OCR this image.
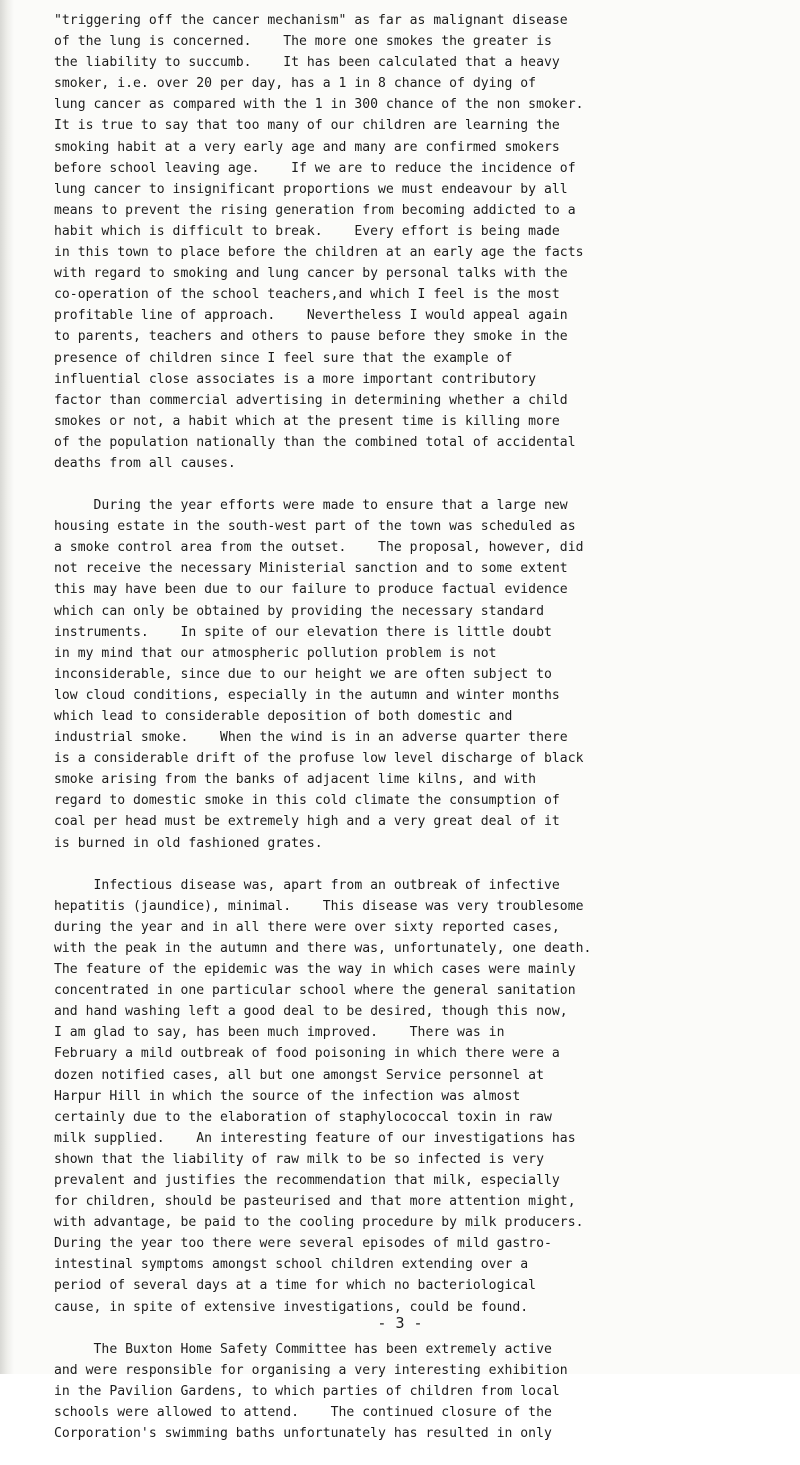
"triggering off the cancer mechanism" as far as malignant disease
of the lung is concerned.    The more one smokes the greater is
the liability to succumb.    It has been calculated that a heavy
smoker, i.e. over 20 per day, has a 1 in 8 chance of dying of
lung cancer as compared with the 1 in 300 chance of the non smoker.
It is true to say that too many of our children are learning the
smoking habit at a very early age and many are confirmed smokers
before school leaving age.    If we are to reduce the incidence of
lung cancer to insignificant proportions we must endeavour by all
means to prevent the rising generation from becoming addicted to a
habit which is difficult to break.    Every effort is being made
in this town to place before the children at an early age the facts
with regard to smoking and lung cancer by personal talks with the
co-operation of the school teachers,and which I feel is the most
profitable line of approach.    Nevertheless I would appeal again
to parents, teachers and others to pause before they smoke in the
presence of children since I feel sure that the example of
influential close associates is a more important contributory
factor than commercial advertising in determining whether a child
smokes or not, a habit which at the present time is killing more
of the population nationally than the combined total of accidental
deaths from all causes.
During the year efforts were made to ensure that a large new
housing estate in the south-west part of the town was scheduled as
a smoke control area from the outset.    The proposal, however, did
not receive the necessary Ministerial sanction and to some extent
this may have been due to our failure to produce factual evidence
which can only be obtained by providing the necessary standard
instruments.    In spite of our elevation there is little doubt
in my mind that our atmospheric pollution problem is not
inconsiderable, since due to our height we are often subject to
low cloud conditions, especially in the autumn and winter months
which lead to considerable deposition of both domestic and
industrial smoke.    When the wind is in an adverse quarter there
is a considerable drift of the profuse low level discharge of black
smoke arising from the banks of adjacent lime kilns, and with
regard to domestic smoke in this cold climate the consumption of
coal per head must be extremely high and a very great deal of it
is burned in old fashioned grates.
Infectious disease was, apart from an outbreak of infective
hepatitis (jaundice), minimal.    This disease was very troublesome
during the year and in all there were over sixty reported cases,
with the peak in the autumn and there was, unfortunately, one death.
The feature of the epidemic was the way in which cases were mainly
concentrated in one particular school where the general sanitation
and hand washing left a good deal to be desired, though this now,
I am glad to say, has been much improved.    There was in
February a mild outbreak of food poisoning in which there were a
dozen notified cases, all but one amongst Service personnel at
Harpur Hill in which the source of the infection was almost
certainly due to the elaboration of staphylococcal toxin in raw
milk supplied.    An interesting feature of our investigations has
shown that the liability of raw milk to be so infected is very
prevalent and justifies the recommendation that milk, especially
for children, should be pasteurised and that more attention might,
with advantage, be paid to the cooling procedure by milk producers.
During the year too there were several episodes of mild gastro-
intestinal symptoms amongst school children extending over a
period of several days at a time for which no bacteriological
cause, in spite of extensive investigations, could be found.
The Buxton Home Safety Committee has been extremely active
and were responsible for organising a very interesting exhibition
in the Pavilion Gardens, to which parties of children from local
schools were allowed to attend.    The continued closure of the
Corporation's swimming baths unfortunately has resulted in only
- 3 -
